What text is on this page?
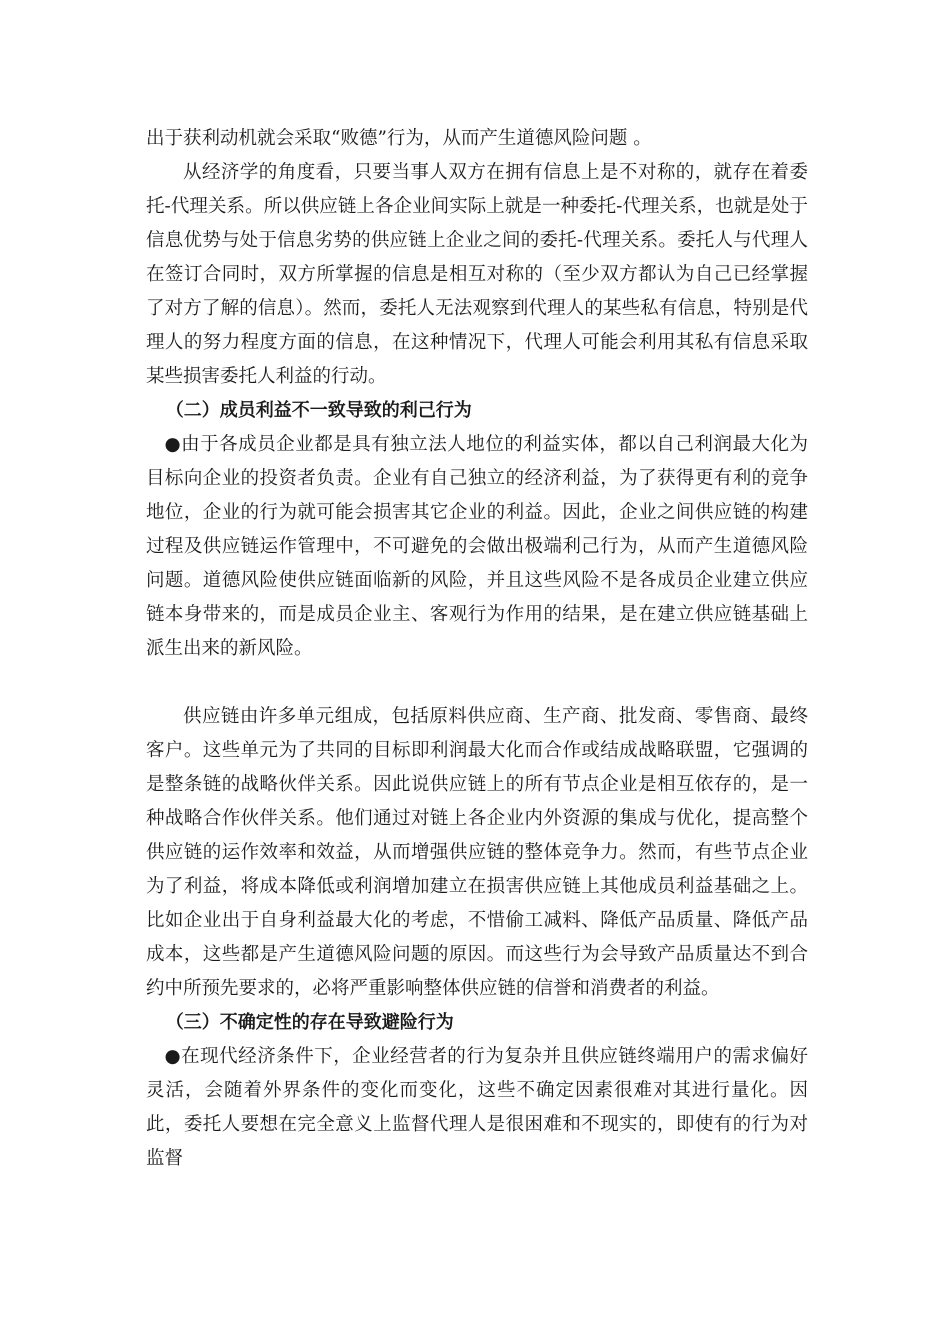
出于获利动机就会采取“败德”行为，从而产生道德风险问题 。

从经济学的角度看，只要当事人双方在拥有信息上是不对称的，就存在着委托-代理关系。所以供应链上各企业间实际上就是一种委托-代理关系，也就是处于信息优势与处于信息劣势的供应链上企业之间的委托-代理关系。委托人与代理人在签订合同时，双方所掌握的信息是相互对称的（至少双方都认为自己已经掌握了对方了解的信息）。然而，委托人无法观察到代理人的某些私有信息，特别是代理人的努力程度方面的信息，在这种情况下，代理人可能会利用其私有信息采取某些损害委托人利益的行动。

（二）成员利益不一致导致的利己行为

●由于各成员企业都是具有独立法人地位的利益实体，都以自己利润最大化为目标向企业的投资者负责。企业有自己独立的经济利益，为了获得更有利的竞争地位，企业的行为就可能会损害其它企业的利益。因此，企业之间供应链的构建过程及供应链运作管理中，不可避免的会做出极端利己行为，从而产生道德风险问题。道德风险使供应链面临新的风险，并且这些风险不是各成员企业建立供应链本身带来的，而是成员企业主、客观行为作用的结果，是在建立供应链基础上派生出来的新风险。

供应链由许多单元组成，包括原料供应商、生产商、批发商、零售商、最终客户。这些单元为了共同的目标即利润最大化而合作或结成战略联盟，它强调的是整条链的战略伙伴关系。因此说供应链上的所有节点企业是相互依存的，是一种战略合作伙伴关系。他们通过对链上各企业内外资源的集成与优化，提高整个供应链的运作效率和效益，从而增强供应链的整体竞争力。然而，有些节点企业为了利益，将成本降低或利润增加建立在损害供应链上其他成员利益基础之上。比如企业出于自身利益最大化的考虑，不惜偷工减料、降低产品质量、降低产品成本，这些都是产生道德风险问题的原因。而这些行为会导致产品质量达不到合约中所预先要求的，必将严重影响整体供应链的信誉和消费者的利益。

（三）不确定性的存在导致避险行为

●在现代经济条件下，企业经营者的行为复杂并且供应链终端用户的需求偏好灵活，会随着外界条件的变化而变化，这些不确定因素很难对其进行量化。因此，委托人要想在完全意义上监督代理人是很困难和不现实的，即使有的行为对监督
